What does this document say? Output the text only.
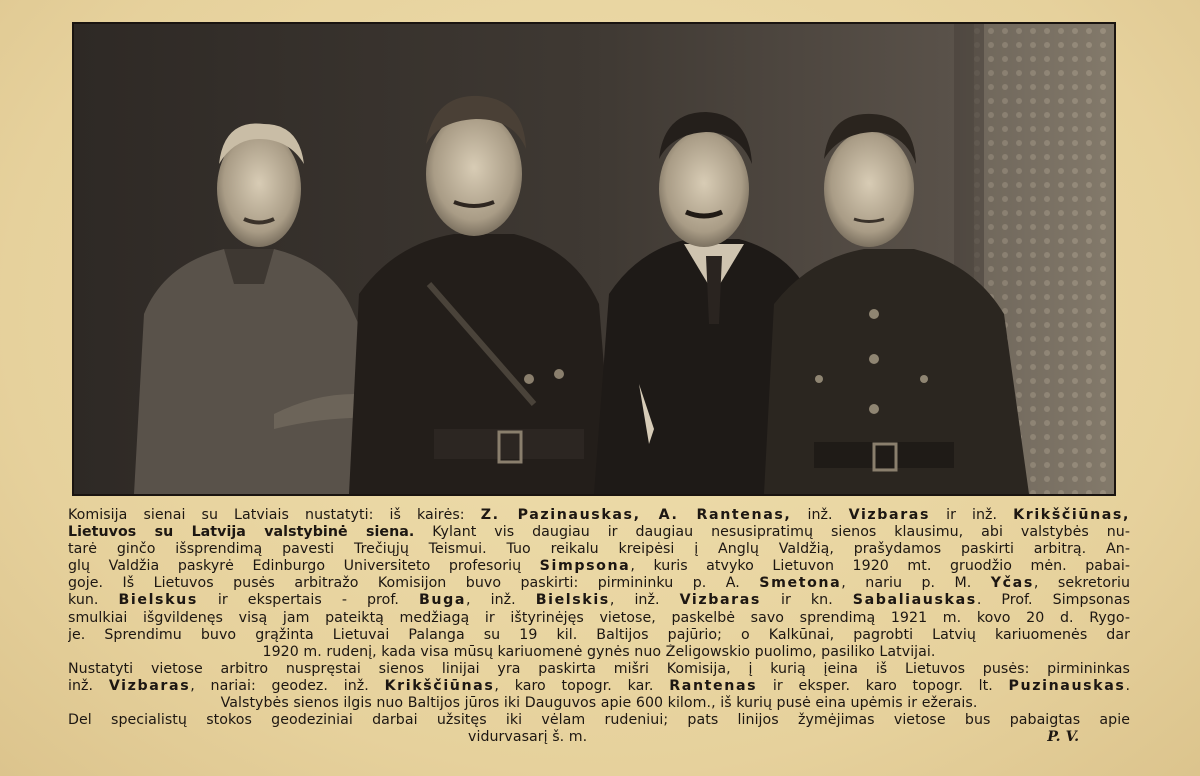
Komisija sienai su Latviais nustatyti: iš kairės: Z. Pazinauskas, A. Rantenas, inž. Vizbaras ir inž. Krikščiūnas,
Lietuvos su Latvija valstybinė siena. Kylant vis daugiau ir daugiau nesusipratimų sienos klausimu, abi valstybės nu-
tarė ginčo išsprendimą pavesti Trečiųjų Teismui. Tuo reikalu kreipėsi į Anglų Valdžią, prašydamos paskirti arbitrą. An-
glų Valdžia paskyrė Edinburgo Universiteto profesorių Simpsona, kuris atvyko Lietuvon 1920 mt. gruodžio mėn. pabai-
goje. Iš Lietuvos pusės arbitražo Komisijon buvo paskirti: pirmininku p. A. Smetona, nariu p. M. Yčas, sekretoriu
kun. Bielskus ir ekspertais - prof. Buga, inž. Bielskis, inž. Vizbaras ir kn. Sabaliauskas. Prof. Simpsonas
smulkiai išgvildenęs visą jam pateiktą medžiagą ir ištyrinėjęs vietose, paskelbė savo sprendimą 1921 m. kovo 20 d. Rygo-
je. Sprendimu buvo grąžinta Lietuvai Palanga su 19 kil. Baltijos pajūrio; o Kalkūnai, pagrobti Latvių kariuomenės dar
1920 m. rudenį, kada visa mūsų kariuomenė gynės nuo Želigowskio puolimo, pasiliko Latvijai.
Nustatyti vietose arbitro nuspręstai sienos linijai yra paskirta mišri Komisija, į kurią įeina iš Lietuvos pusės: pirmininkas
inž. Vizbaras, nariai: geodez. inž. Krikščiūnas, karo topogr. kar. Rantenas ir eksper. karo topogr. lt. Puzinauskas.
Valstybės sienos ilgis nuo Baltijos jūros iki Dauguvos apie 600 kilom., iš kurių pusė eina upėmis ir ežerais.
Del specialistų stokos geodeziniai darbai užsitęs iki vėlam rudeniui; pats linijos žymėjimas vietose bus pabaigtas apie
vidurvasarį š. m.	P. V.
